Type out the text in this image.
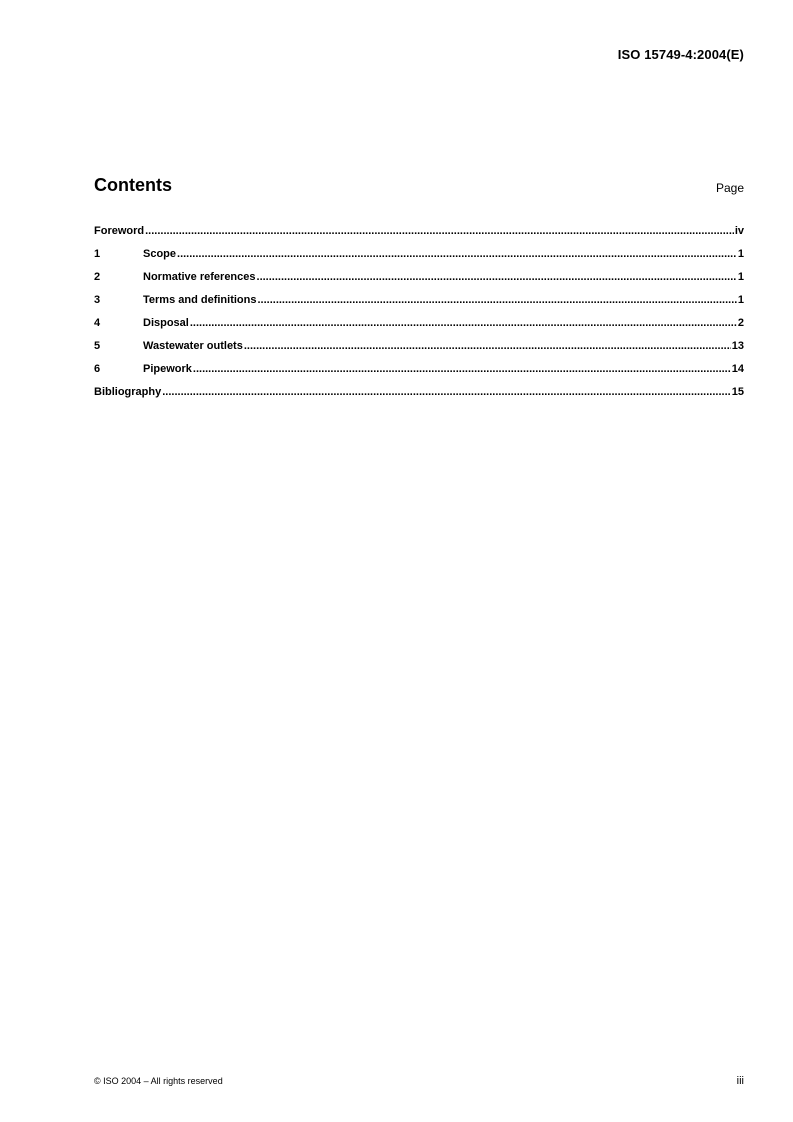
ISO 15749-4:2004(E)
Contents	Page
Foreword .....	iv
1	Scope .....	1
2	Normative references .....	1
3	Terms and definitions .....	1
4	Disposal .....	2
5	Wastewater outlets .....	13
6	Pipework .....	14
Bibliography .....	15
© ISO 2004 – All rights reserved	iii
